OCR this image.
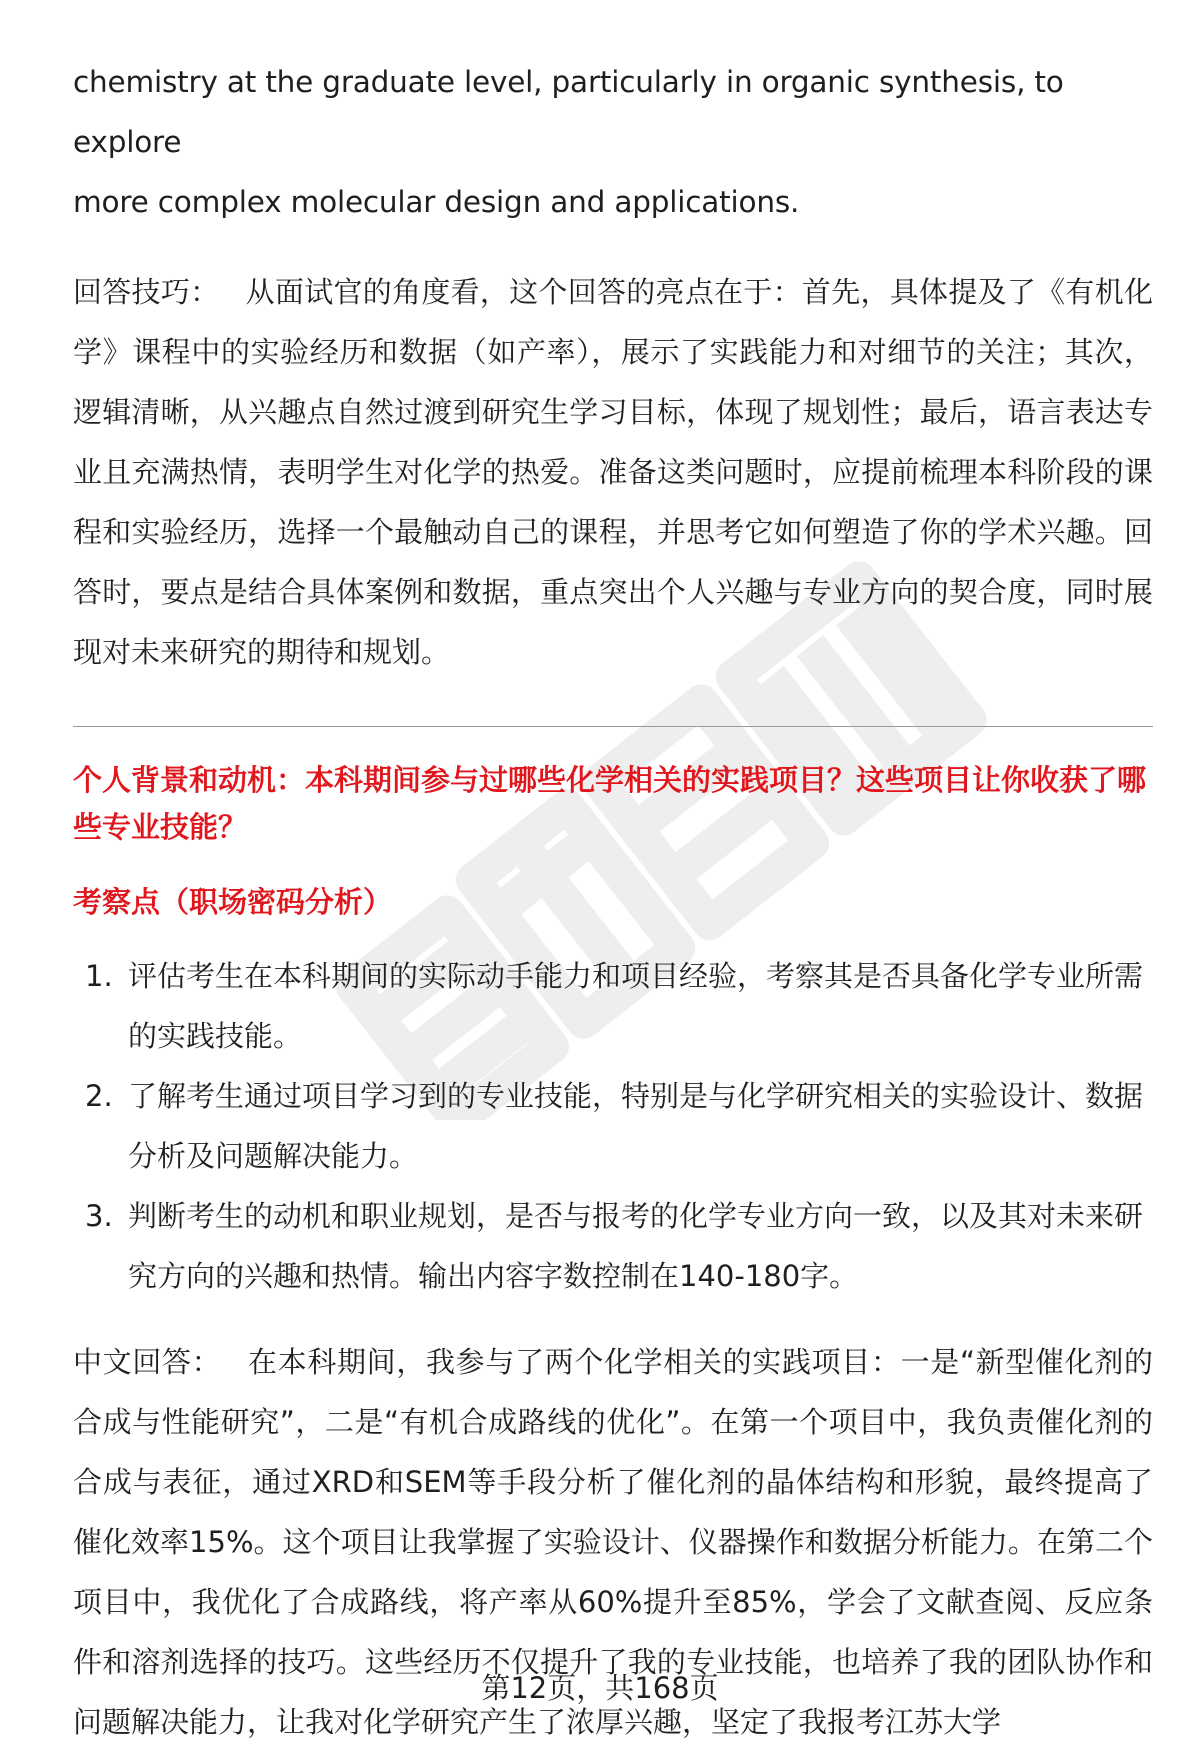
chemistry at the graduate level, particularly in organic synthesis, to explore

more complex molecular design and applications.

回答技巧： 从面试官的角度看，这个回答的亮点在于：首先，具体提及了《有机化学》课程中的实验经历和数据（如产率），展示了实践能力和对细节的关注；其次，逻辑清晰，从兴趣点自然过渡到研究生学习目标，体现了规划性；最后，语言表达专业且充满热情，表明学生对化学的热爱。准备这类问题时，应提前梳理本科阶段的课程和实验经历，选择一个最触动自己的课程，并思考它如何塑造了你的学术兴趣。回答时，要点是结合具体案例和数据，重点突出个人兴趣与专业方向的契合度，同时展现对未来研究的期待和规划。

个人背景和动机：本科期间参与过哪些化学相关的实践项目？这些项目让你收获了哪些专业技能？

考察点（职场密码分析）

1. 评估考生在本科期间的实际动手能力和项目经验，考察其是否具备化学专业所需的实践技能。
2. 了解考生通过项目学习到的专业技能，特别是与化学研究相关的实验设计、数据分析及问题解决能力。
3. 判断考生的动机和职业规划，是否与报考的化学专业方向一致，以及其对未来研究方向的兴趣和热情。输出内容字数控制在140-180字。

中文回答： 在本科期间，我参与了两个化学相关的实践项目：一是“新型催化剂的合成与性能研究”，二是“有机合成路线的优化”。在第一个项目中，我负责催化剂的合成与表征，通过XRD和SEM等手段分析了催化剂的晶体结构和形貌，最终提高了催化效率15%。这个项目让我掌握了实验设计、仪器操作和数据分析能力。在第二个项目中，我优化了合成路线，将产率从60%提升至85%，学会了文献查阅、反应条件和溶剂选择的技巧。这些经历不仅提升了我的专业技能，也培养了我的团队协作和问题解决能力，让我对化学研究产生了浓厚兴趣，坚定了我报考江苏大学

第12页，共168页
